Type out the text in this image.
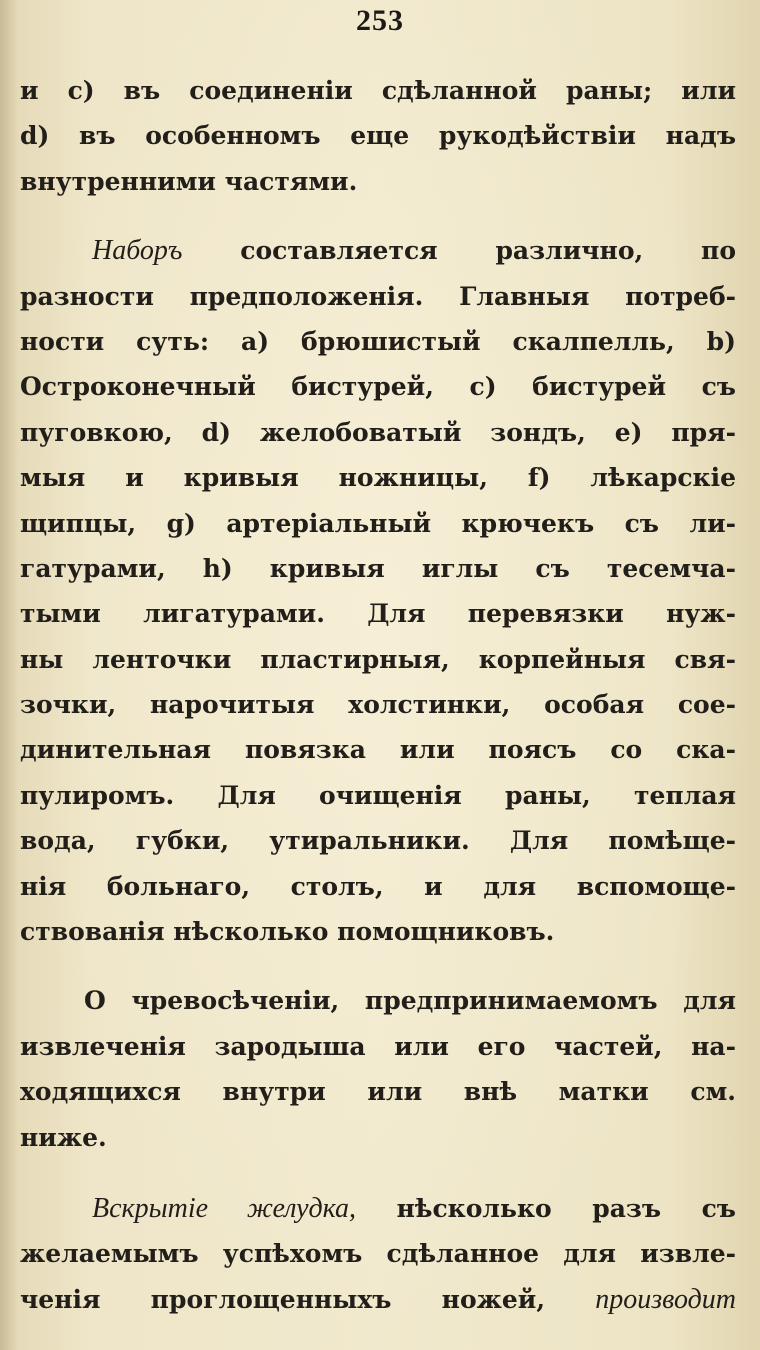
253
и с) въ соединеніи сдѣланной раны; или
d) въ особенномъ еще рукодѣйствіи надъ
внутренними частями.
Наборъ составляется различно, по
разности предположенія. Главныя потреб-
ности суть: а) брюшистый скалпелль, b)
Остроконечный бистурей, с) бистурей съ
пуговкою, d) желобоватый зондъ, е) пря-
мыя и кривыя ножницы, f) лѣкарскіе
щипцы, g) артеріальный крючекъ съ ли-
гатурами, h) кривыя иглы съ тесемча-
тыми лигатурами. Для перевязки нуж-
ны ленточки пластирныя, корпейныя свя-
зочки, нарочитыя холстинки, особая сое-
динительная повязка или поясъ со ска-
пулиромъ. Для очищенія раны, теплая
вода, губки, утиральники. Для помѣще-
нія больнаго, столъ, и для вспомоще-
ствованія нѣсколько помощниковъ.
О чревосѣченіи, предпринимаемомъ для
извлеченія зародыша или его частей, на-
ходящихся внутри или внѣ матки см.
ниже.
Вскрытіе желудка, нѣсколько разъ съ
желаемымъ успѣхомъ сдѣланное для извле-
ченія проглощенныхъ ножей, производит
